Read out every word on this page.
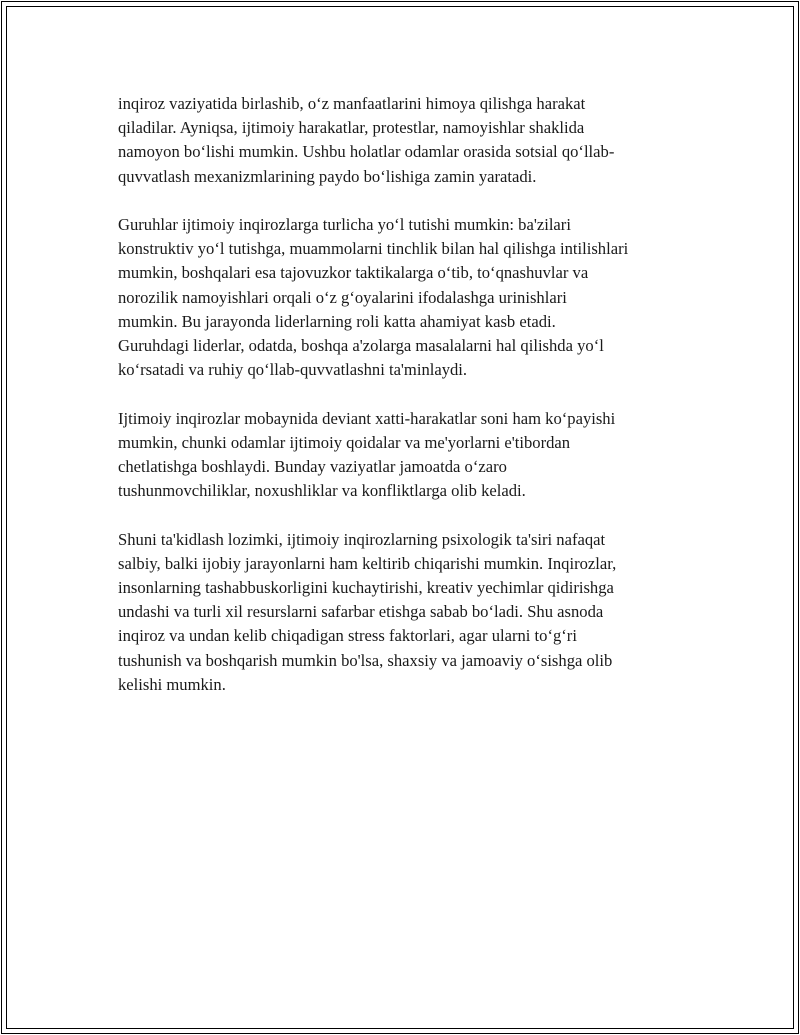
inqiroz vaziyatida birlashib, o‘z manfaatlarini himoya qilishga harakat
qiladilar. Ayniqsa, ijtimoiy harakatlar, protestlar, namoyishlar shaklida
namoyon bo‘lishi mumkin. Ushbu holatlar odamlar orasida sotsial qo‘llab-
quvvatlash mexanizmlarining paydo bo‘lishiga zamin yaratadi.

Guruhlar ijtimoiy inqirozlarga turlicha yo‘l tutishi mumkin: ba'zilari
konstruktiv yo‘l tutishga, muammolarni tinchlik bilan hal qilishga intilishlari
mumkin, boshqalari esa tajovuzkor taktikalarga o‘tib, to‘qnashuvlar va
norozilik namoyishlari orqali o‘z g‘oyalarini ifodalashga urinishlari
mumkin. Bu jarayonda liderlarning roli katta ahamiyat kasb etadi.
Guruhdagi liderlar, odatda, boshqa a'zolarga masalalarni hal qilishda yo‘l
ko‘rsatadi va ruhiy qo‘llab-quvvatlashni ta'minlaydi.

Ijtimoiy inqirozlar mobaynida deviant xatti-harakatlar soni ham ko‘payishi
mumkin, chunki odamlar ijtimoiy qoidalar va me'yorlarni e'tibordan
chetlatishga boshlaydi. Bunday vaziyatlar jamoatda o‘zaro
tushunmovchiliklar, noxushliklar va konfliktlarga olib keladi.

Shuni ta'kidlash lozimki, ijtimoiy inqirozlarning psixologik ta'siri nafaqat
salbiy, balki ijobiy jarayonlarni ham keltirib chiqarishi mumkin. Inqirozlar,
insonlarning tashabbuskorligini kuchaytirishi, kreativ yechimlar qidirishga
undashi va turli xil resurslarni safarbar etishga sabab bo‘ladi. Shu asnoda
inqiroz va undan kelib chiqadigan stress faktorlari, agar ularni to‘g‘ri
tushunish va boshqarish mumkin bo'lsa, shaxsiy va jamoaviy o‘sishga olib
kelishi mumkin.
